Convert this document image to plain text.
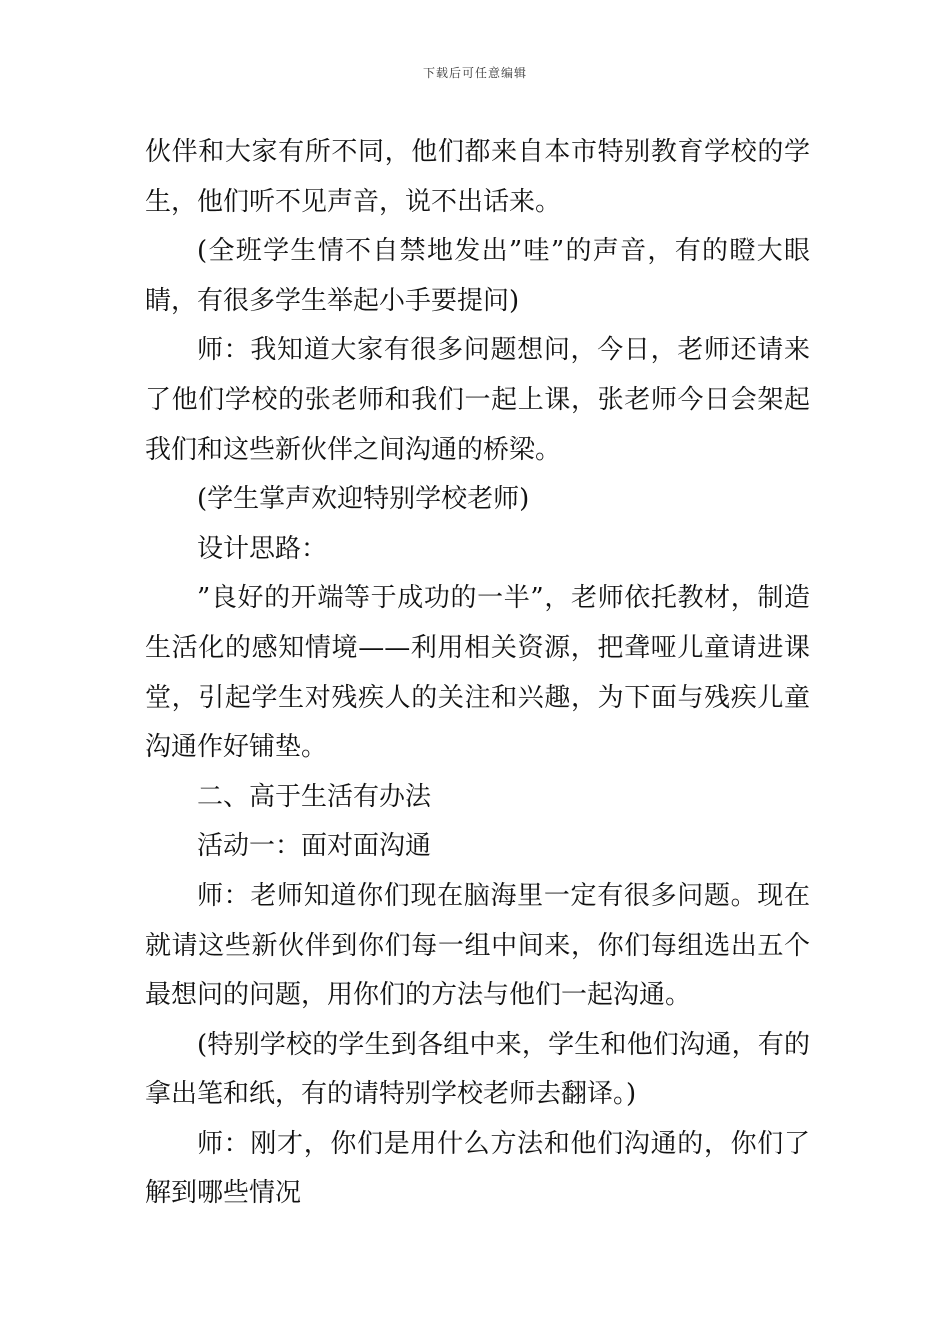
下载后可任意编辑

伙伴和大家有所不同，他们都来自本市特别教育学校的学生，他们听不见声音，说不出话来。

(全班学生情不自禁地发出”哇”的声音，有的瞪大眼睛，有很多学生举起小手要提问)

师：我知道大家有很多问题想问，今日，老师还请来了他们学校的张老师和我们一起上课，张老师今日会架起我们和这些新伙伴之间沟通的桥梁。

(学生掌声欢迎特别学校老师)

设计思路：

”良好的开端等于成功的一半”，老师依托教材，制造生活化的感知情境——利用相关资源，把聋哑儿童请进课堂，引起学生对残疾人的关注和兴趣，为下面与残疾儿童沟通作好铺垫。

二、高于生活有办法

活动一：面对面沟通

师：老师知道你们现在脑海里一定有很多问题。现在就请这些新伙伴到你们每一组中间来，你们每组选出五个最想问的问题，用你们的方法与他们一起沟通。

(特别学校的学生到各组中来，学生和他们沟通，有的拿出笔和纸，有的请特别学校老师去翻译。)

师：刚才，你们是用什么方法和他们沟通的，你们了解到哪些情况
